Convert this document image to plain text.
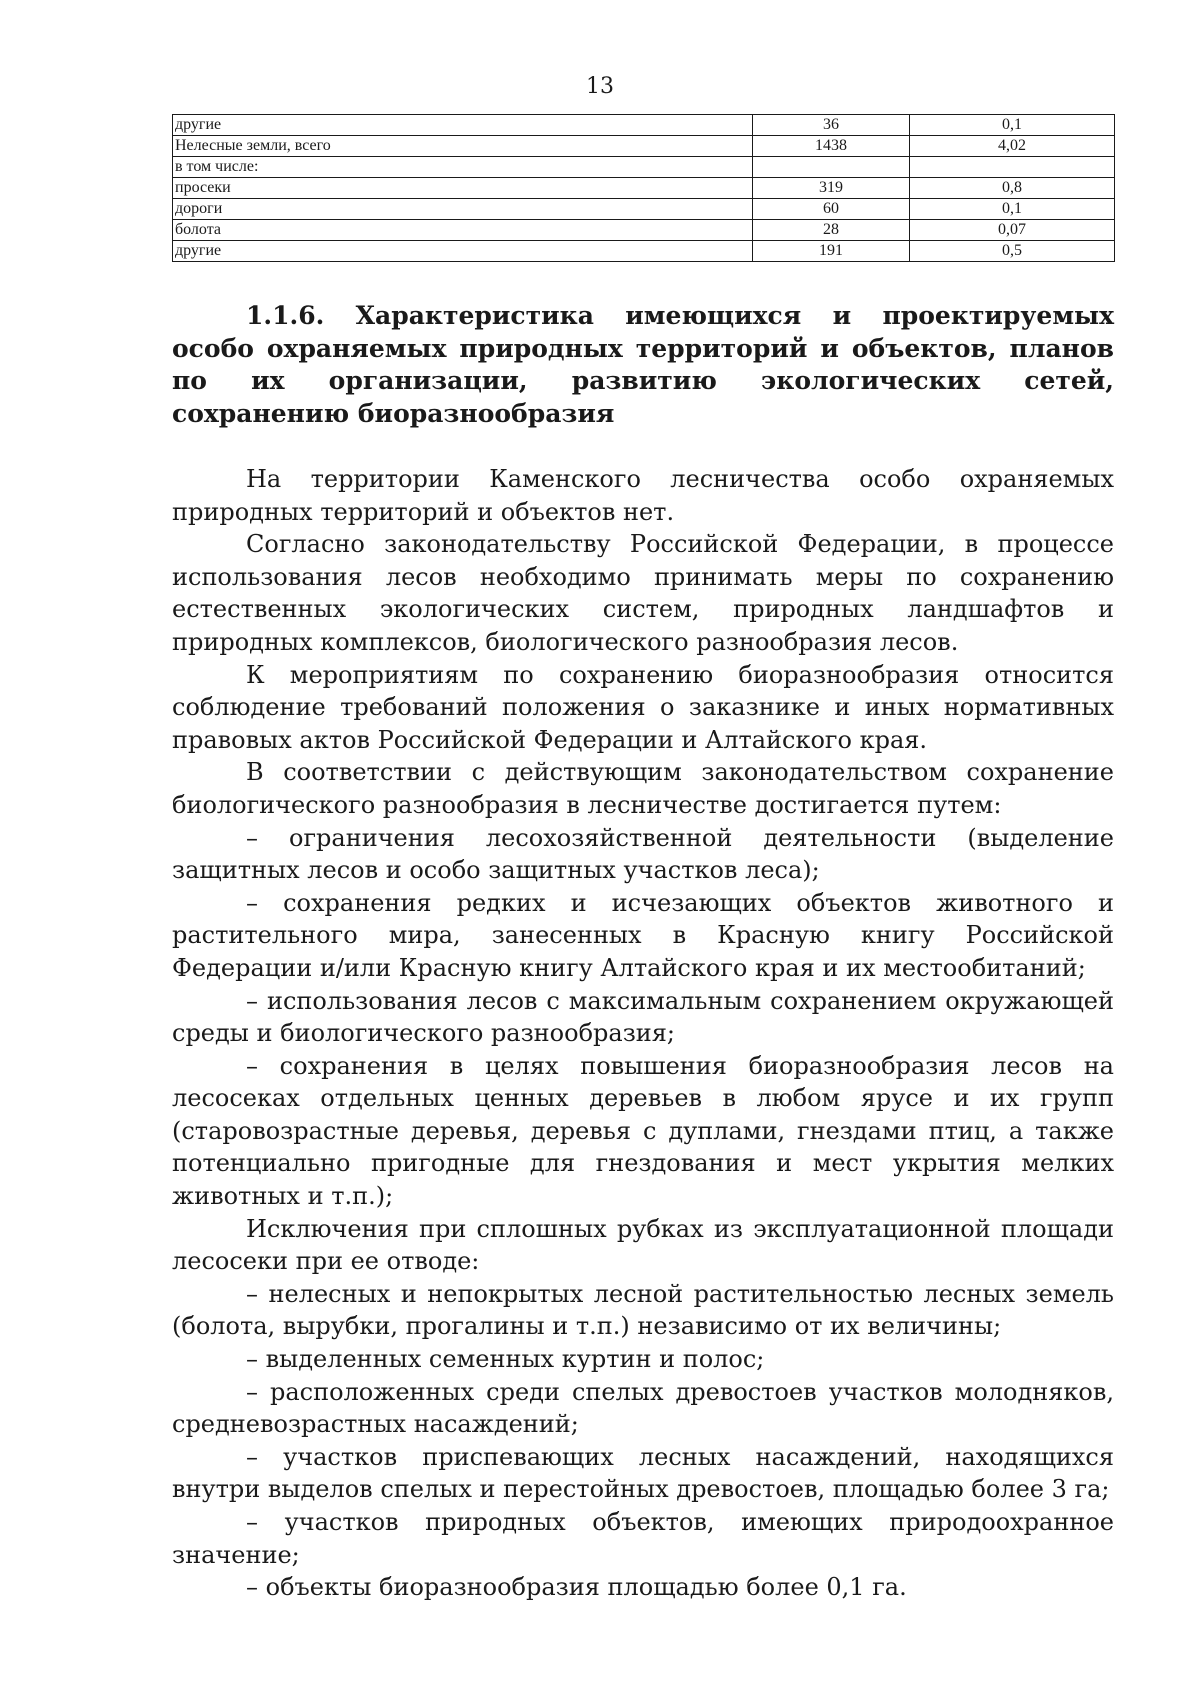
13
другие	36	0,1
Нелесные земли, всего	1438	4,02
в том числе:		
просеки	319	0,8
дороги	60	0,1
болота	28	0,07
другие	191	0,5
1.1.6. Характеристика имеющихся и проектируемых особо охраняемых природных территорий и объектов, планов по их организации, развитию экологических сетей, сохранению биоразнообразия

На территории Каменского лесничества особо охраняемых природных территорий и объектов нет.

Согласно законодательству Российской Федерации, в процессе использования лесов необходимо принимать меры по сохранению естественных экологических систем, природных ландшафтов и природных комплексов, биологического разнообразия лесов.

К мероприятиям по сохранению биоразнообразия относится соблюдение требований положения о заказнике и иных нормативных правовых актов Российской Федерации и Алтайского края.

В соответствии с действующим законодательством сохранение биологического разнообразия в лесничестве достигается путем:

– ограничения лесохозяйственной деятельности (выделение защитных лесов и особо защитных участков леса);

– сохранения редких и исчезающих объектов животного и растительного мира, занесенных в Красную книгу Российской Федерации и/или Красную книгу Алтайского края и их местообитаний;

– использования лесов с максимальным сохранением окружающей среды и биологического разнообразия;

– сохранения в целях повышения биоразнообразия лесов на лесосеках отдельных ценных деревьев в любом ярусе и их групп (старовозрастные деревья, деревья с дуплами, гнездами птиц, а также потенциально пригодные для гнездования и мест укрытия мелких животных и т.п.);

Исключения при сплошных рубках из эксплуатационной площади лесосеки при ее отводе:

– нелесных и непокрытых лесной растительностью лесных земель (болота, вырубки, прогалины и т.п.) независимо от их величины;

– выделенных семенных куртин и полос;

– расположенных среди спелых древостоев участков молодняков, средневозрастных насаждений;

– участков приспевающих лесных насаждений, находящихся внутри выделов спелых и перестойных древостоев, площадью более 3 га;

– участков природных объектов, имеющих природоохранное значение;

– объекты биоразнообразия площадью более 0,1 га.
